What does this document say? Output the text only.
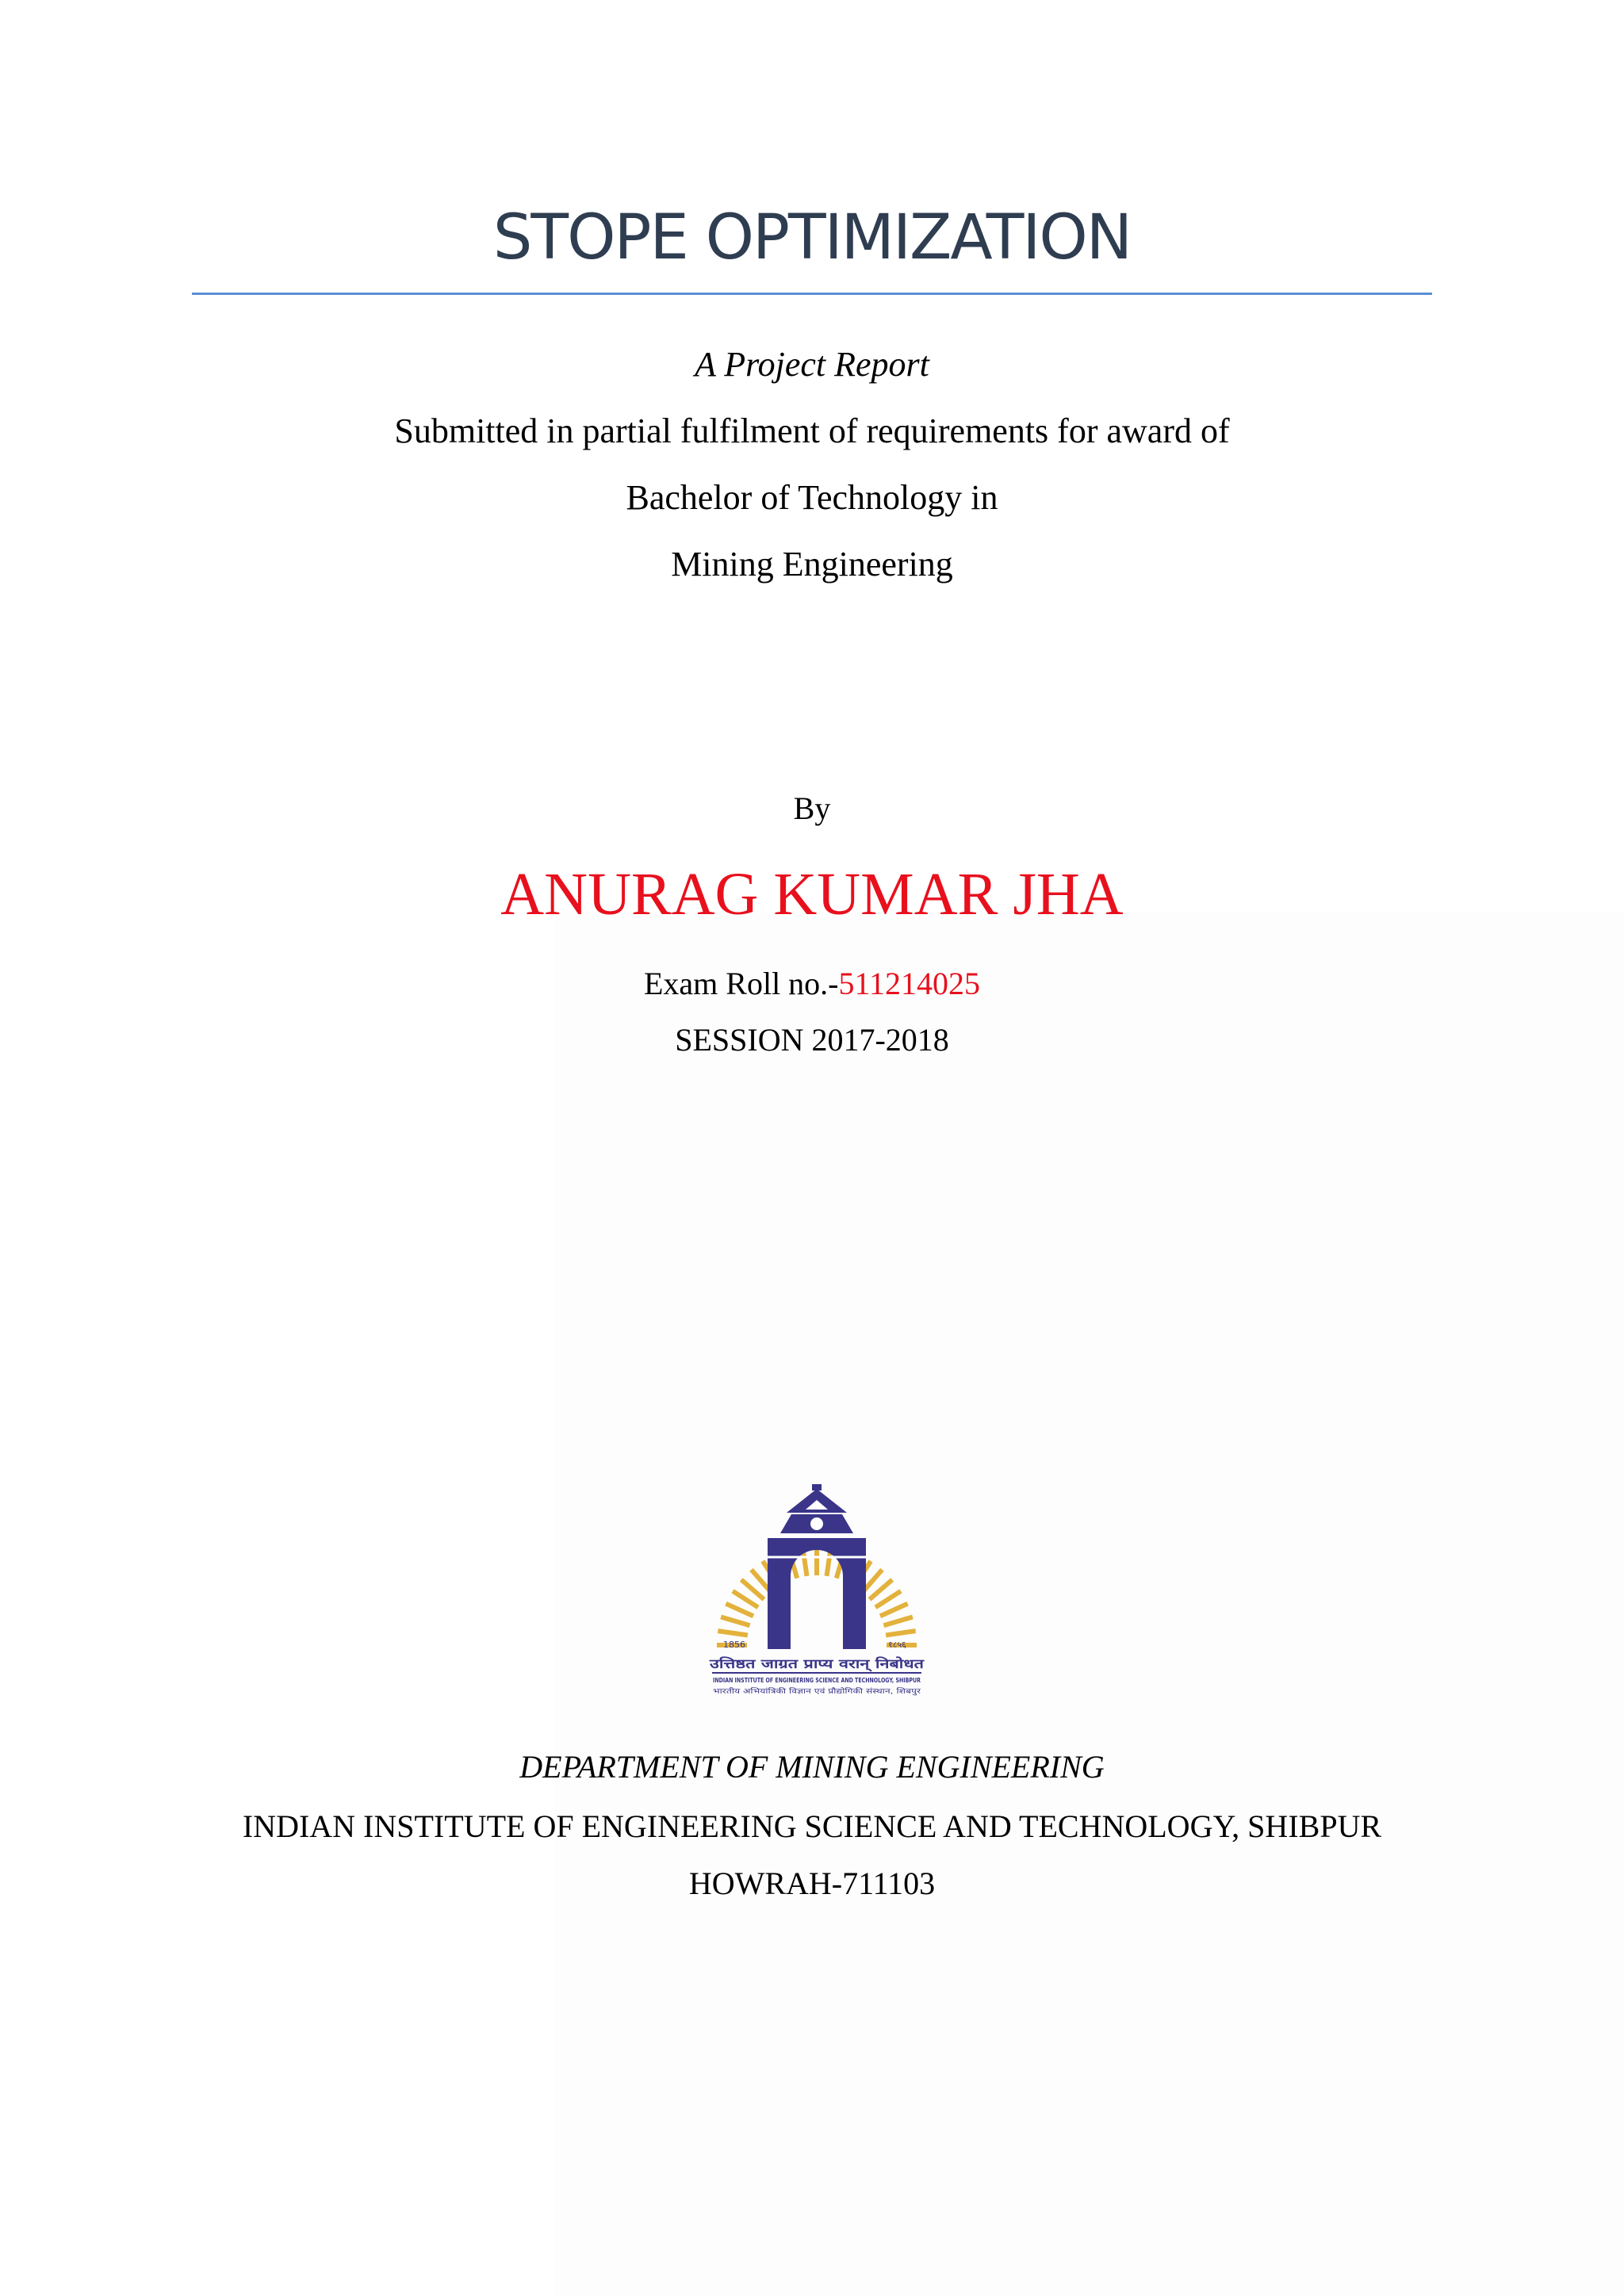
STOPE OPTIMIZATION
A Project Report
Submitted in partial fulfilment of requirements for award of
Bachelor of Technology in
Mining Engineering
By
ANURAG KUMAR JHA
Exam Roll no.-511214025
SESSION 2017-2018
1856	१८५६
उत्तिष्ठत जाग्रत प्राप्य वरान् निबोधत
INDIAN INSTITUTE OF ENGINEERING SCIENCE AND TECHNOLOGY, SHIBPUR
भारतीय अभियांत्रिकी विज्ञान एवं प्रौद्योगिकी संस्थान, शिबपुर
DEPARTMENT OF MINING ENGINEERING
INDIAN INSTITUTE OF ENGINEERING SCIENCE AND TECHNOLOGY, SHIBPUR
HOWRAH-711103
